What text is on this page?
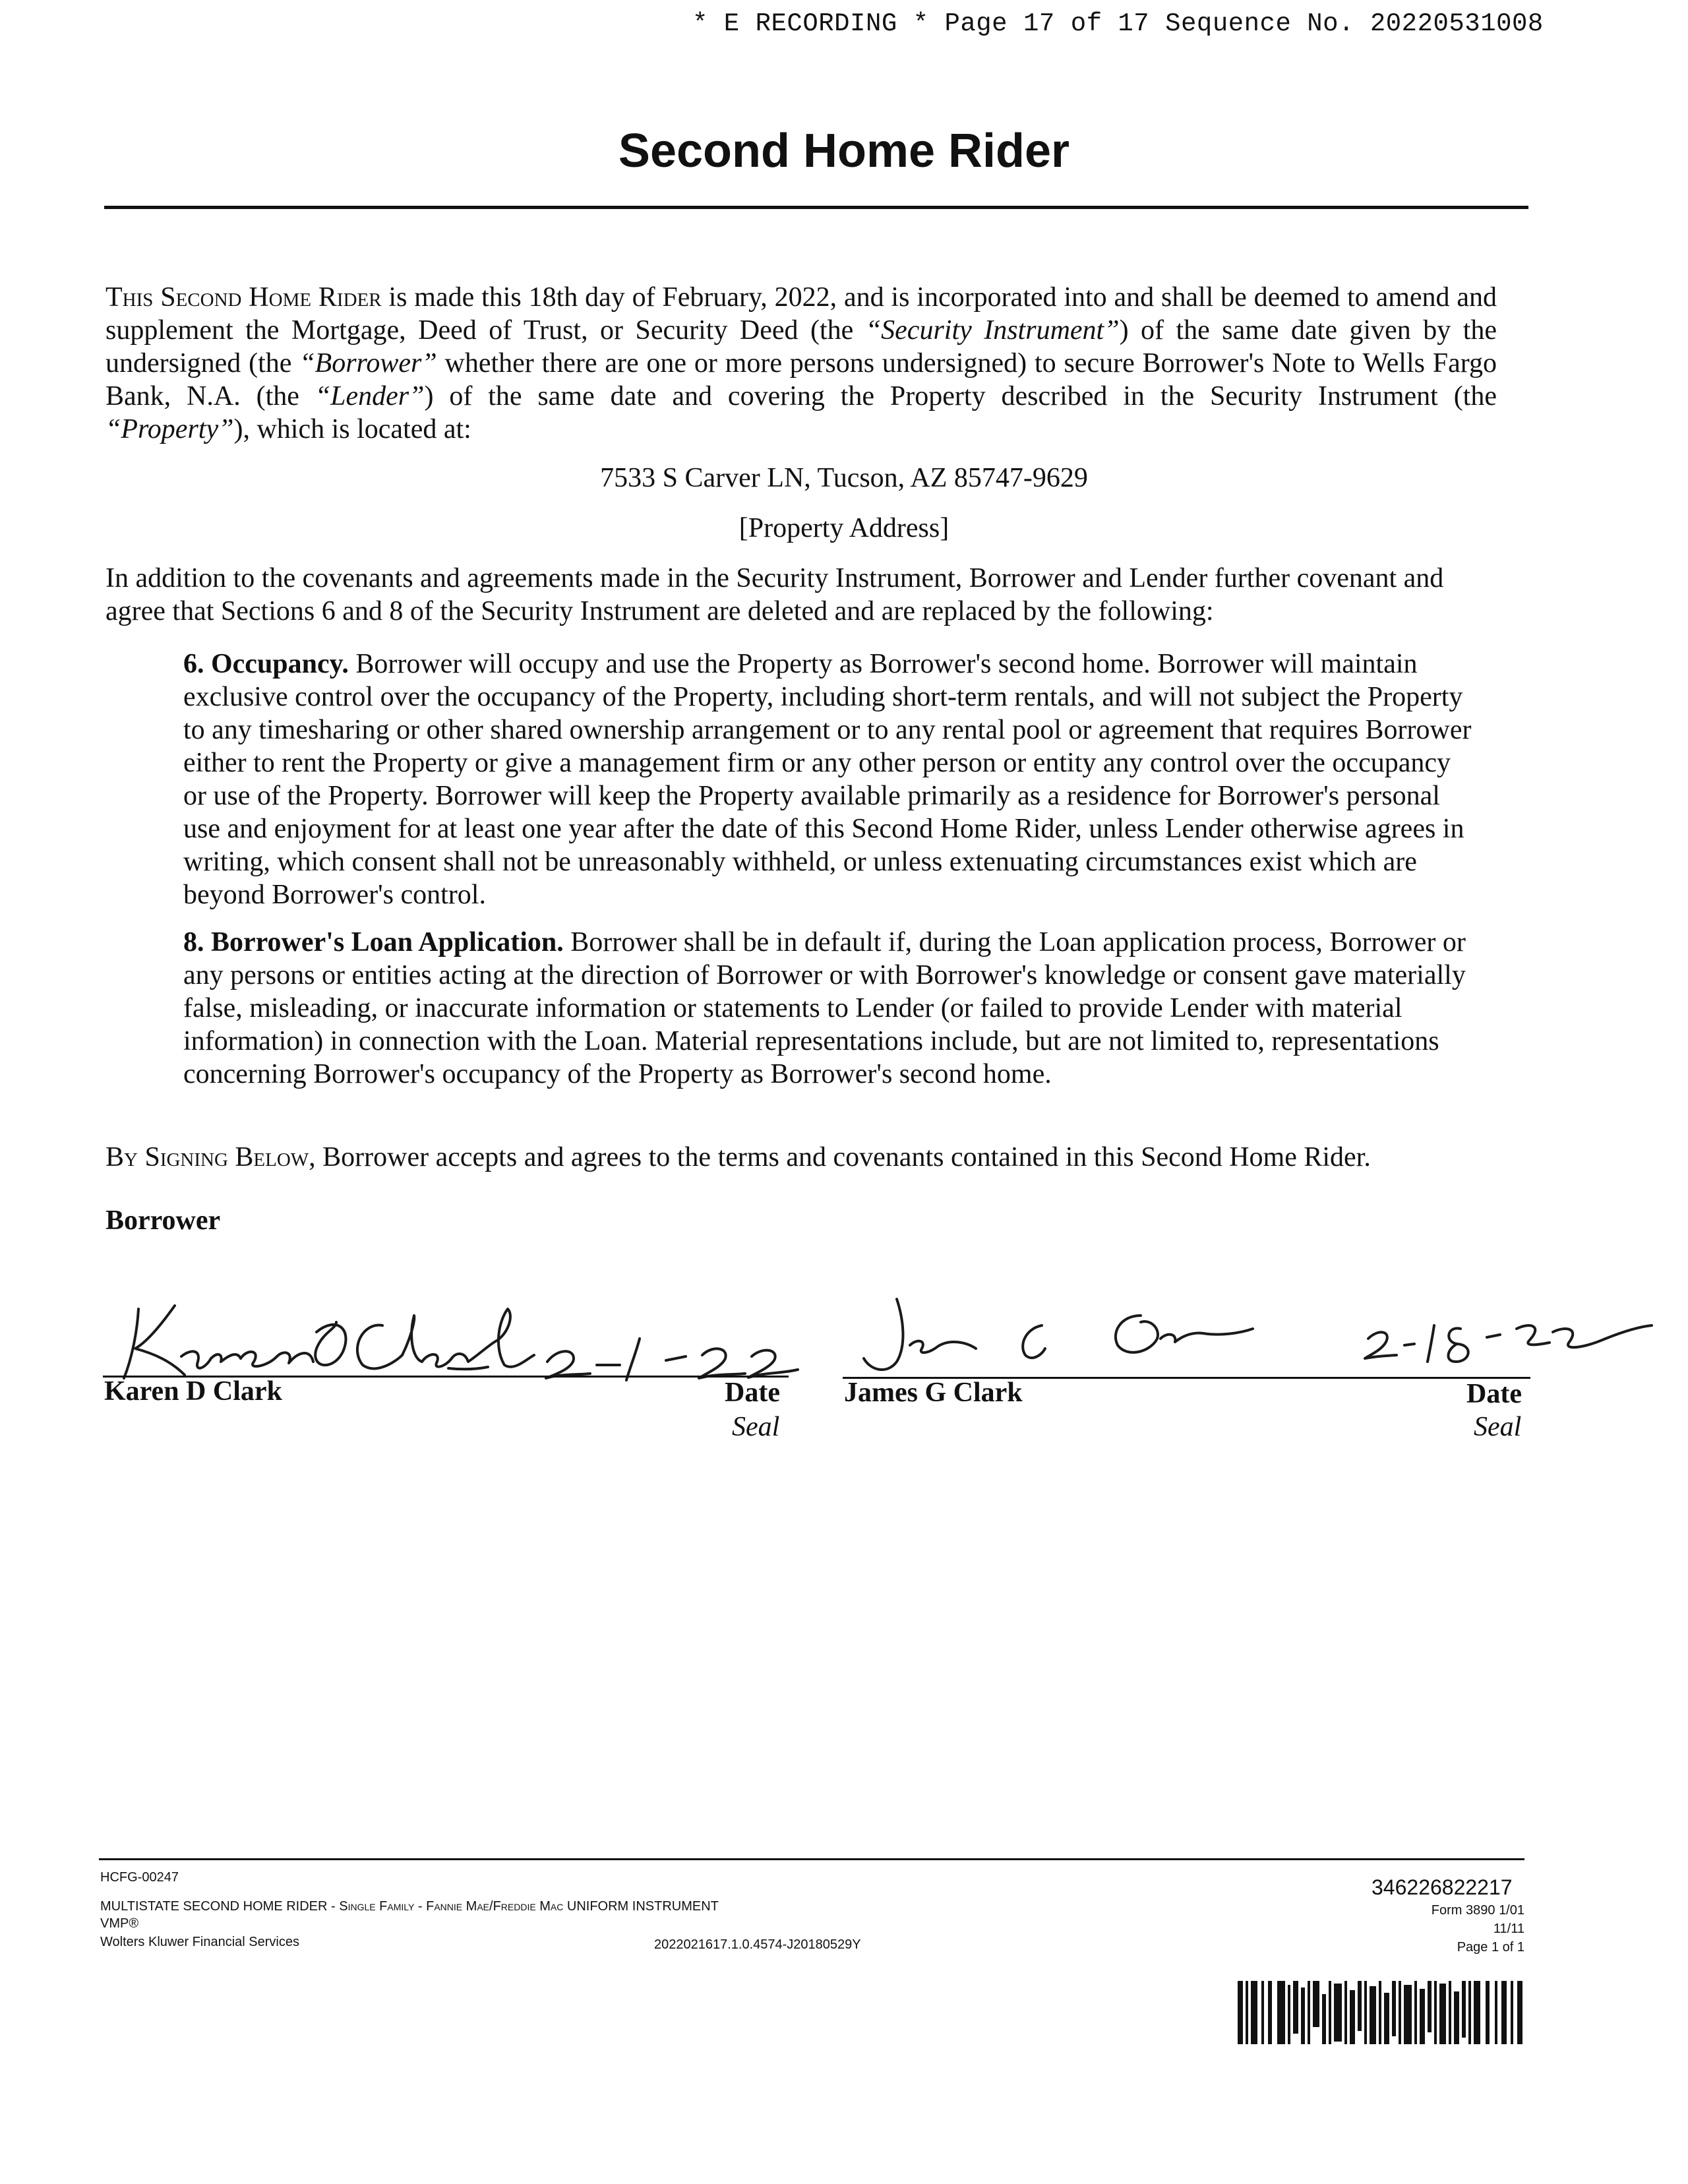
* E RECORDING * Page 17 of 17 Sequence No. 20220531008
Second Home Rider
This Second Home Rider is made this 18th day of February, 2022, and is incorporated into and shall be deemed to amend and supplement the Mortgage, Deed of Trust, or Security Deed (the “Security Instrument”) of the same date given by the undersigned (the “Borrower” whether there are one or more persons undersigned) to secure Borrower's Note to Wells Fargo Bank, N.A. (the “Lender”) of the same date and covering the Property described in the Security Instrument (the “Property”), which is located at:
7533 S Carver LN, Tucson, AZ 85747-9629
[Property Address]
In addition to the covenants and agreements made in the Security Instrument, Borrower and Lender further covenant and agree that Sections 6 and 8 of the Security Instrument are deleted and are replaced by the following:
6. Occupancy. Borrower will occupy and use the Property as Borrower's second home. Borrower will maintain exclusive control over the occupancy of the Property, including short-term rentals, and will not subject the Property to any timesharing or other shared ownership arrangement or to any rental pool or agreement that requires Borrower either to rent the Property or give a management firm or any other person or entity any control over the occupancy or use of the Property. Borrower will keep the Property available primarily as a residence for Borrower's personal use and enjoyment for at least one year after the date of this Second Home Rider, unless Lender otherwise agrees in writing, which consent shall not be unreasonably withheld, or unless extenuating circumstances exist which are beyond Borrower's control.
8. Borrower's Loan Application. Borrower shall be in default if, during the Loan application process, Borrower or any persons or entities acting at the direction of Borrower or with Borrower's knowledge or consent gave materially false, misleading, or inaccurate information or statements to Lender (or failed to provide Lender with material information) in connection with the Loan. Material representations include, but are not limited to, representations concerning Borrower's occupancy of the Property as Borrower's second home.
By Signing Below, Borrower accepts and agrees to the terms and covenants contained in this Second Home Rider.
Borrower
Karen D Clark	Date
Seal
James G Clark	Date
Seal
HCFG-00247
MULTISTATE SECOND HOME RIDER - Single Family - Fannie Mae/Freddie Mac UNIFORM INSTRUMENT
VMP®
Wolters Kluwer Financial Services	2022021617.1.0.4574-J20180529Y
346226822217
Form 3890 1/01
11/11
Page 1 of 1
